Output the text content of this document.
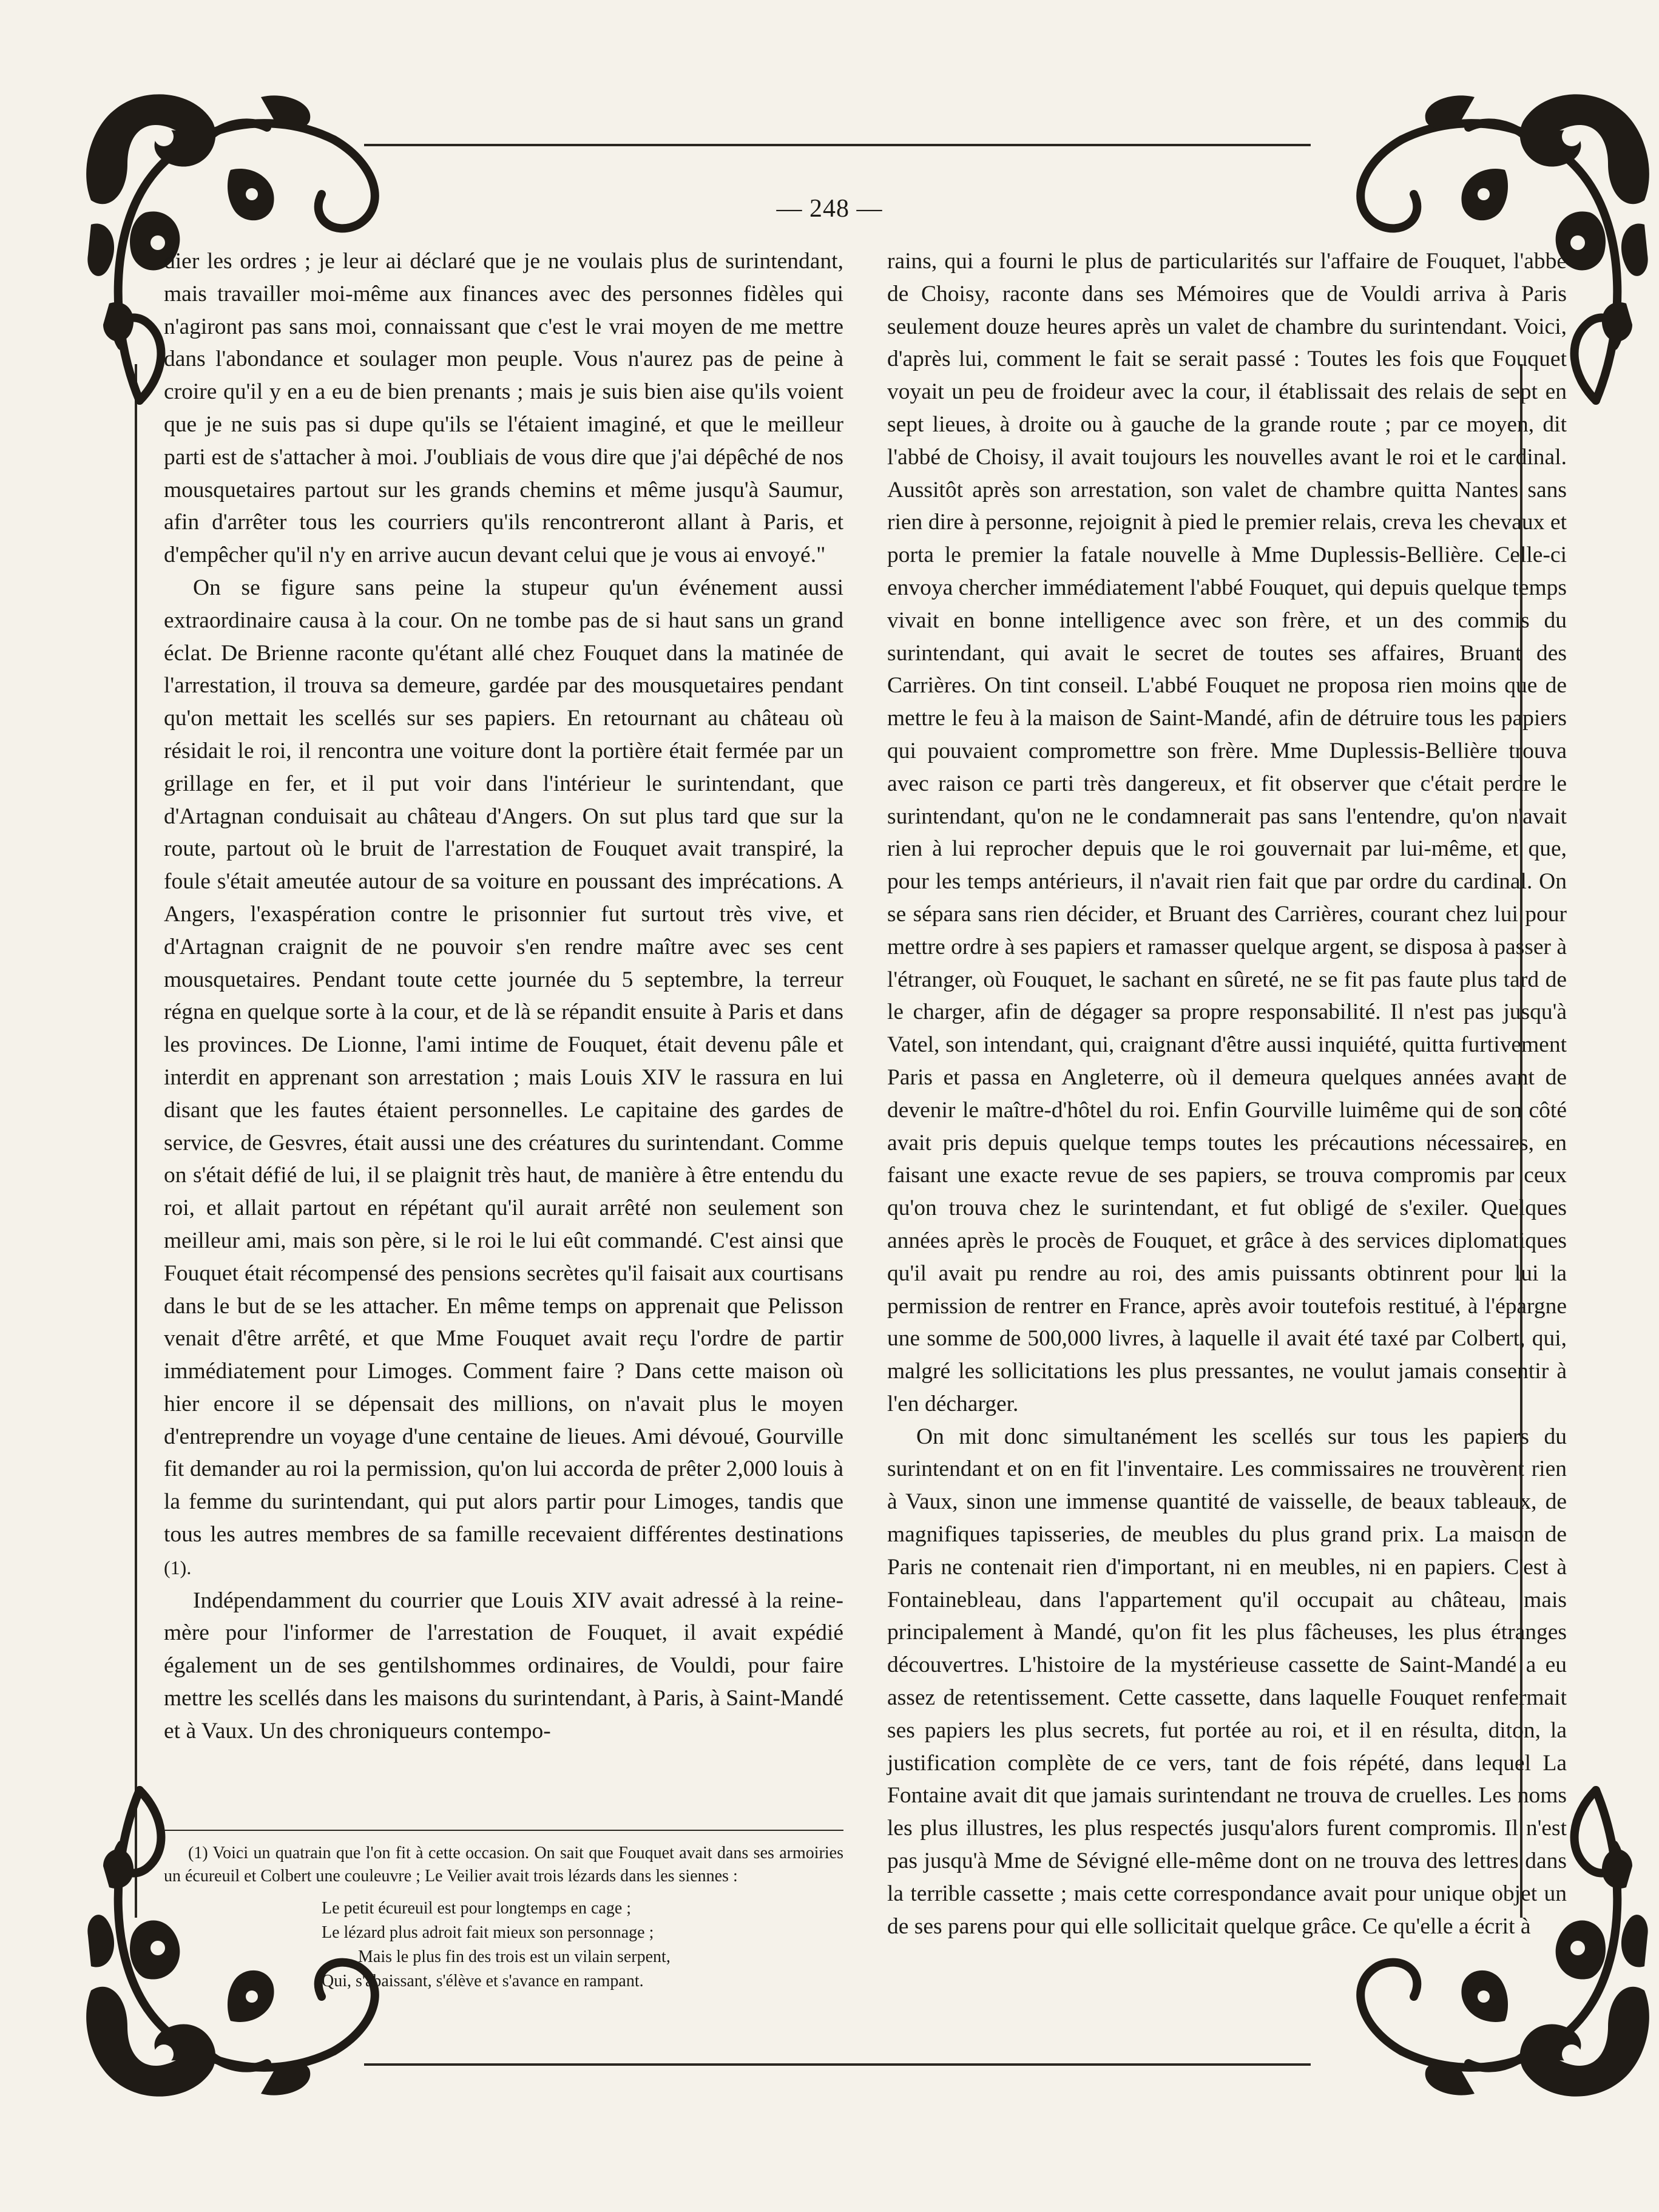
— 248 —

dier les ordres ; je leur ai déclaré que je ne voulais plus de surintendant, mais travailler moi-même aux finances avec des personnes fidèles qui n'agiront pas sans moi, connaissant que c'est le vrai moyen de me mettre dans l'abondance et soulager mon peuple. Vous n'aurez pas de peine à croire qu'il y en a eu de bien prenants ; mais je suis bien aise qu'ils voient que je ne suis pas si dupe qu'ils se l'étaient imaginé, et que le meilleur parti est de s'attacher à moi. J'oubliais de vous dire que j'ai dépêché de nos mousquetaires partout sur les grands chemins et même jusqu'à Saumur, afin d'arrêter tous les courriers qu'ils rencontreront allant à Paris, et d'empêcher qu'il n'y en arrive aucun devant celui que je vous ai envoyé."

On se figure sans peine la stupeur qu'un événement aussi extraordinaire causa à la cour. On ne tombe pas de si haut sans un grand éclat. De Brienne raconte qu'étant allé chez Fouquet dans la matinée de l'arrestation, il trouva sa demeure, gardée par des mousquetaires pendant qu'on mettait les scellés sur ses papiers. En retournant au château où résidait le roi, il rencontra une voiture dont la portière était fermée par un grillage en fer, et il put voir dans l'intérieur le surintendant, que d'Artagnan conduisait au château d'Angers. On sut plus tard que sur la route, partout où le bruit de l'arrestation de Fouquet avait transpiré, la foule s'était ameutée autour de sa voiture en poussant des imprécations. A Angers, l'exaspération contre le prisonnier fut surtout très vive, et d'Artagnan craignit de ne pouvoir s'en rendre maître avec ses cent mousquetaires. Pendant toute cette journée du 5 septembre, la terreur régna en quelque sorte à la cour, et de là se répandit ensuite à Paris et dans les provinces. De Lionne, l'ami intime de Fouquet, était devenu pâle et interdit en apprenant son arrestation ; mais Louis XIV le rassura en lui disant que les fautes étaient personnelles. Le capitaine des gardes de service, de Gesvres, était aussi une des créatures du surintendant. Comme on s'était défié de lui, il se plaignit très haut, de manière à être entendu du roi, et allait partout en répétant qu'il aurait arrêté non seulement son meilleur ami, mais son père, si le roi le lui eût commandé. C'est ainsi que Fouquet était récompensé des pensions secrètes qu'il faisait aux courtisans dans le but de se les attacher. En même temps on apprenait que Pelisson venait d'être arrêté, et que Mme Fouquet avait reçu l'ordre de partir immédiatement pour Limoges. Comment faire ? Dans cette maison où hier encore il se dépensait des millions, on n'avait plus le moyen d'entreprendre un voyage d'une centaine de lieues. Ami dévoué, Gourville fit demander au roi la permission, qu'on lui accorda de prêter 2,000 louis à la femme du surintendant, qui put alors partir pour Limoges, tandis que tous les autres membres de sa famille recevaient différentes destinations (1).

Indépendamment du courrier que Louis XIV avait adressé à la reine-mère pour l'informer de l'arrestation de Fouquet, il avait expédié également un de ses gentilshommes ordinaires, de Vouldi, pour faire mettre les scellés dans les maisons du surintendant, à Paris, à Saint-Mandé et à Vaux. Un des chroniqueurs contempo-

(1) Voici un quatrain que l'on fit à cette occasion. On sait que Fouquet avait dans ses armoiries un écureuil et Colbert une couleuvre ; Le Veilier avait trois lézards dans les siennes :

Le petit écureuil est pour longtemps en cage ;
Le lézard plus adroit fait mieux son personnage ;
Mais le plus fin des trois est un vilain serpent,
Qui, s'abaissant, s'élève et s'avance en rampant.

rains, qui a fourni le plus de particularités sur l'affaire de Fouquet, l'abbé de Choisy, raconte dans ses Mémoires que de Vouldi arriva à Paris seulement douze heures après un valet de chambre du surintendant. Voici, d'après lui, comment le fait se serait passé : Toutes les fois que Fouquet voyait un peu de froideur avec la cour, il établissait des relais de sept en sept lieues, à droite ou à gauche de la grande route ; par ce moyen, dit l'abbé de Choisy, il avait toujours les nouvelles avant le roi et le cardinal. Aussitôt après son arrestation, son valet de chambre quitta Nantes sans rien dire à personne, rejoignit à pied le premier relais, creva les chevaux et porta le premier la fatale nouvelle à Mme Duplessis-Bellière. Celle-ci envoya chercher immédiatement l'abbé Fouquet, qui depuis quelque temps vivait en bonne intelligence avec son frère, et un des commis du surintendant, qui avait le secret de toutes ses affaires, Bruant des Carrières. On tint conseil. L'abbé Fouquet ne proposa rien moins que de mettre le feu à la maison de Saint-Mandé, afin de détruire tous les papiers qui pouvaient compromettre son frère. Mme Duplessis-Bellière trouva avec raison ce parti très dangereux, et fit observer que c'était perdre le surintendant, qu'on ne le condamnerait pas sans l'entendre, qu'on n'avait rien à lui reprocher depuis que le roi gouvernait par lui-même, et que, pour les temps antérieurs, il n'avait rien fait que par ordre du cardinal. On se sépara sans rien décider, et Bruant des Carrières, courant chez lui pour mettre ordre à ses papiers et ramasser quelque argent, se disposa à passer à l'étranger, où Fouquet, le sachant en sûreté, ne se fit pas faute plus tard de le charger, afin de dégager sa propre responsabilité. Il n'est pas jusqu'à Vatel, son intendant, qui, craignant d'être aussi inquiété, quitta furtivement Paris et passa en Angleterre, où il demeura quelques années avant de devenir le maître-d'hôtel du roi. Enfin Gourville luimême qui de son côté avait pris depuis quelque temps toutes les précautions nécessaires, en faisant une exacte revue de ses papiers, se trouva compromis par ceux qu'on trouva chez le surintendant, et fut obligé de s'exiler. Quelques années après le procès de Fouquet, et grâce à des services diplomatiques qu'il avait pu rendre au roi, des amis puissants obtinrent pour lui la permission de rentrer en France, après avoir toutefois restitué, à l'épargne une somme de 500,000 livres, à laquelle il avait été taxé par Colbert, qui, malgré les sollicitations les plus pressantes, ne voulut jamais consentir à l'en décharger.

On mit donc simultanément les scellés sur tous les papiers du surintendant et on en fit l'inventaire. Les commissaires ne trouvèrent rien à Vaux, sinon une immense quantité de vaisselle, de beaux tableaux, de magnifiques tapisseries, de meubles du plus grand prix. La maison de Paris ne contenait rien d'important, ni en meubles, ni en papiers. C'est à Fontainebleau, dans l'appartement qu'il occupait au château, mais principalement à Mandé, qu'on fit les plus fâcheuses, les plus étranges découvertres. L'histoire de la mystérieuse cassette de Saint-Mandé a eu assez de retentissement. Cette cassette, dans laquelle Fouquet renfermait ses papiers les plus secrets, fut portée au roi, et il en résulta, diton, la justification complète de ce vers, tant de fois répété, dans lequel La Fontaine avait dit que jamais surintendant ne trouva de cruelles. Les noms les plus illustres, les plus respectés jusqu'alors furent compromis. Il n'est pas jusqu'à Mme de Sévigné elle-même dont on ne trouva des lettres dans la terrible cassette ; mais cette correspondance avait pour unique objet un de ses parens pour qui elle sollicitait quelque grâce. Ce qu'elle a écrit à
